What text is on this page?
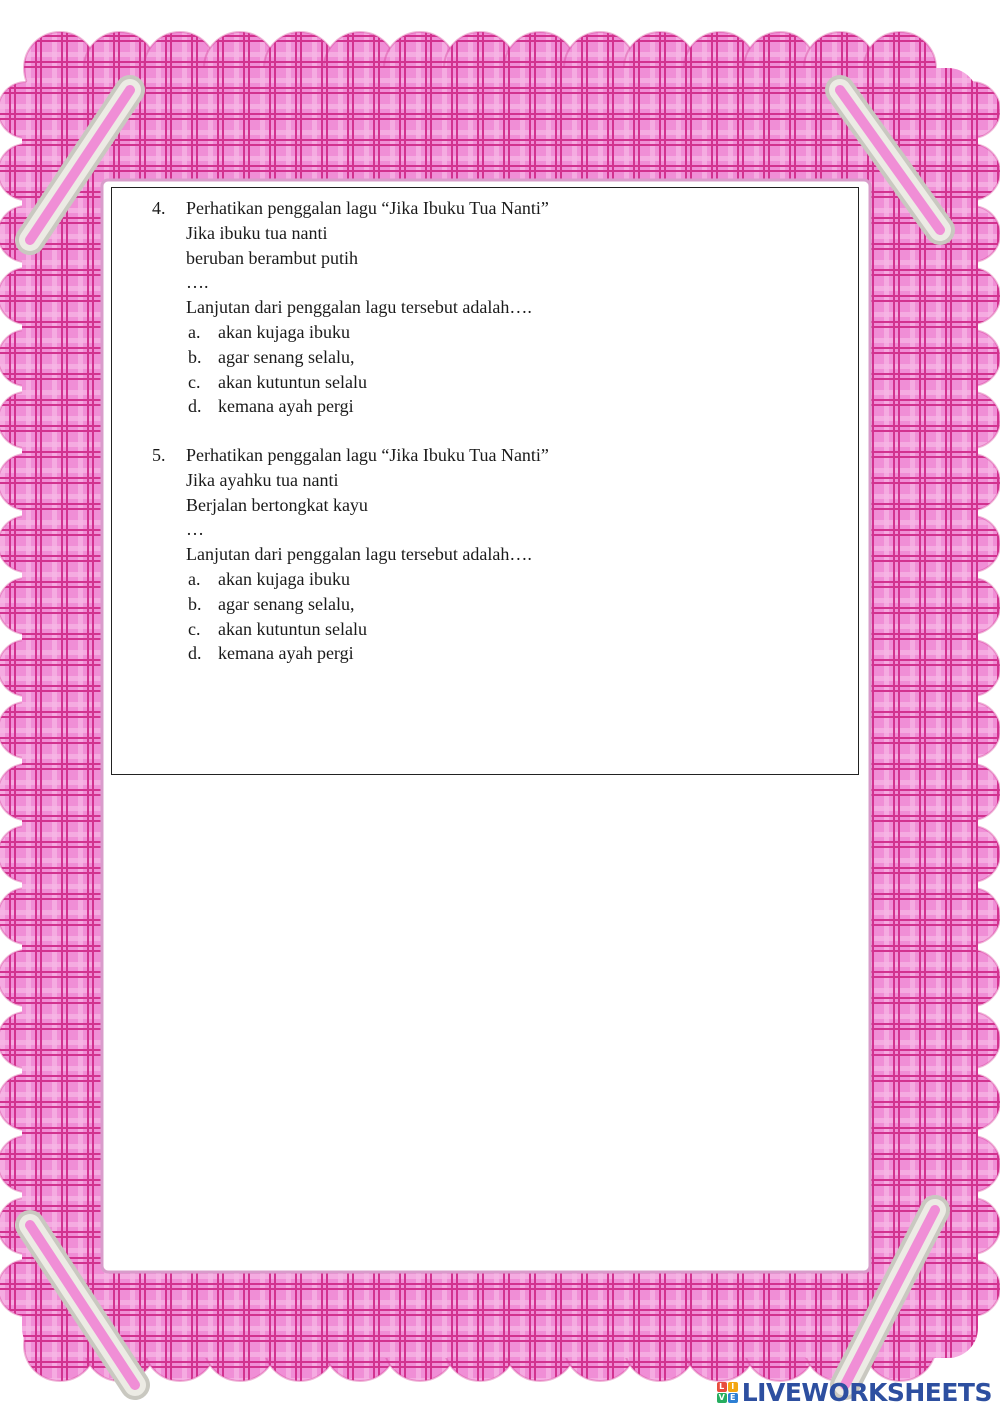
4. Perhatikan penggalan lagu “Jika Ibuku Tua Nanti”
Jika ibuku tua nanti
beruban berambut putih
….
Lanjutan dari penggalan lagu tersebut adalah….
a. akan kujaga ibuku
b. agar senang selalu,
c. akan kutuntun selalu
d. kemana ayah pergi
5. Perhatikan penggalan lagu “Jika Ibuku Tua Nanti”
Jika ayahku tua nanti
Berjalan bertongkat kayu
…
Lanjutan dari penggalan lagu tersebut adalah….
a. akan kujaga ibuku
b. agar senang selalu,
c. akan kutuntun selalu
d. kemana ayah pergi
L I
V E LIVEWORKSHEETS
